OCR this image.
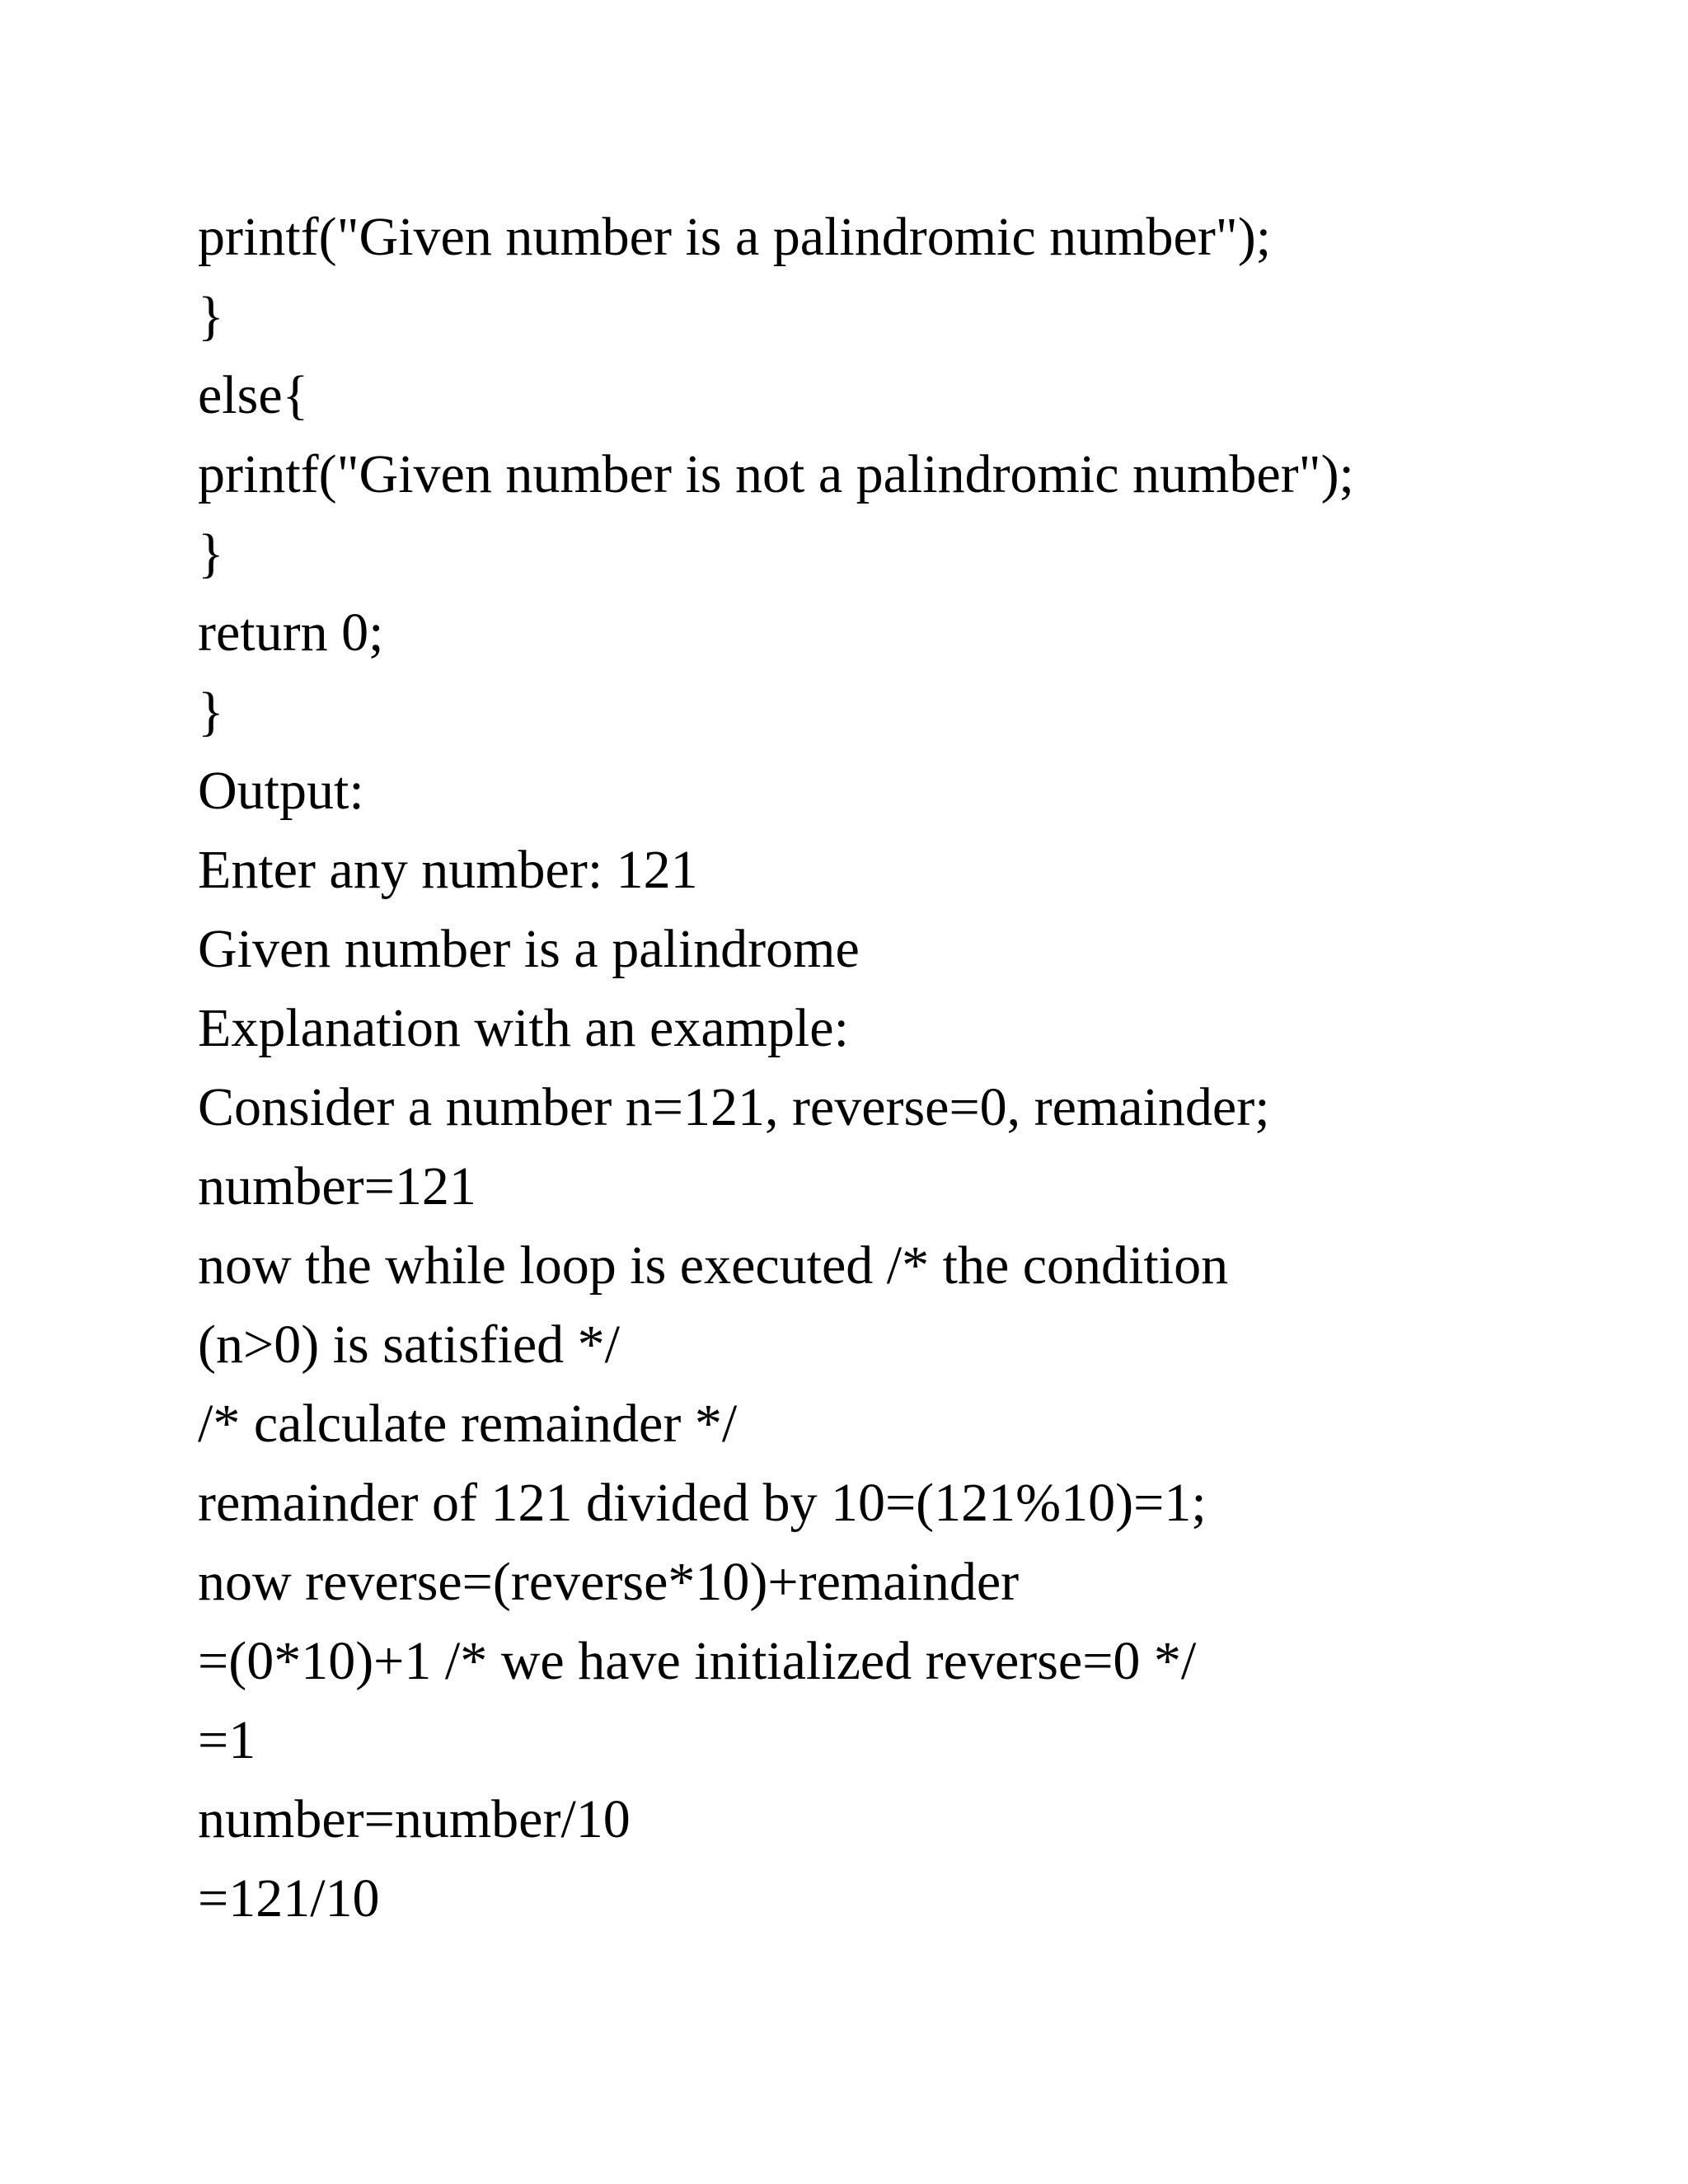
printf("Given number is a palindromic number");

}

else{

printf("Given number is not a palindromic number");

}

return 0;

}

Output:

Enter any number: 121

Given number is a palindrome

Explanation with an example:

Consider a number n=121, reverse=0, remainder;

number=121

now the while loop is executed /* the condition

(n>0) is satisfied */

/* calculate remainder */

remainder of 121 divided by 10=(121%10)=1;

now reverse=(reverse*10)+remainder

=(0*10)+1 /* we have initialized reverse=0 */

=1

number=number/10

=121/10
